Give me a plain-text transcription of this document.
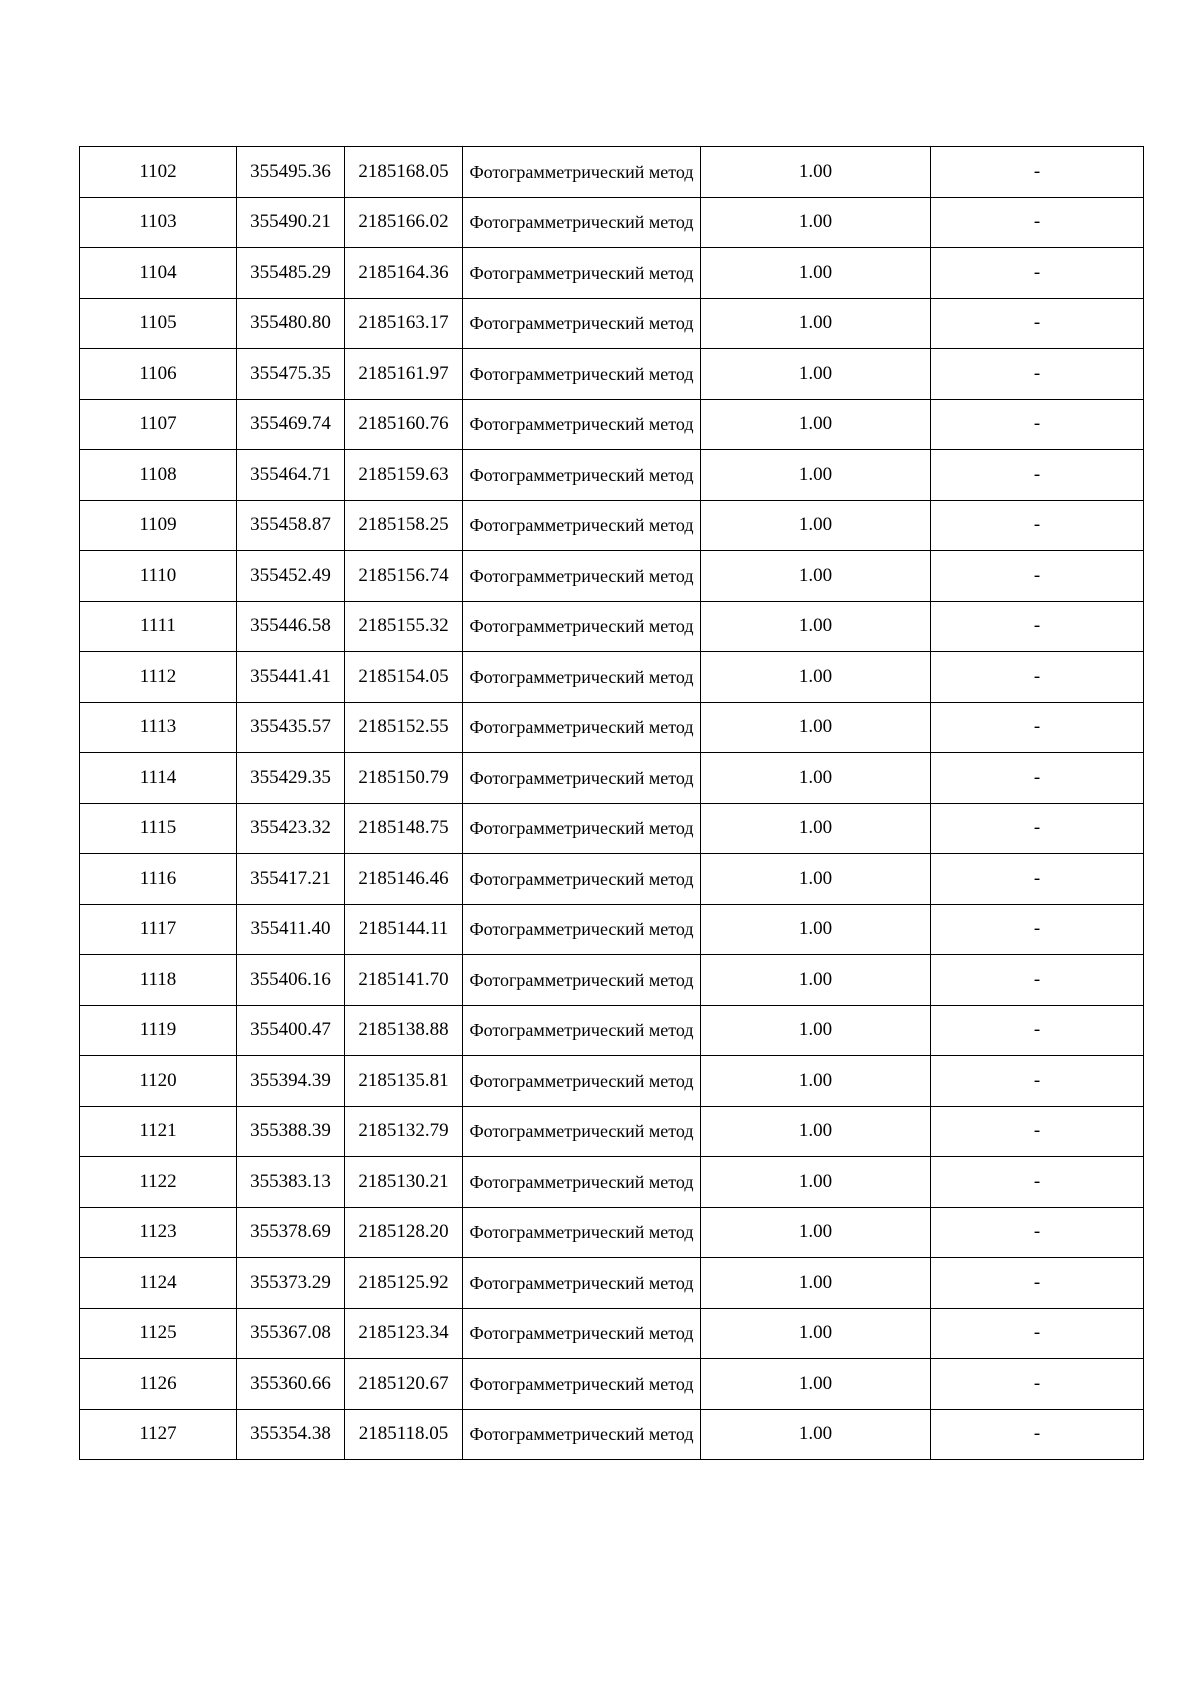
1102	355495.36	2185168.05	Фотограмметрический метод	1.00	-
1103	355490.21	2185166.02	Фотограмметрический метод	1.00	-
1104	355485.29	2185164.36	Фотограмметрический метод	1.00	-
1105	355480.80	2185163.17	Фотограмметрический метод	1.00	-
1106	355475.35	2185161.97	Фотограмметрический метод	1.00	-
1107	355469.74	2185160.76	Фотограмметрический метод	1.00	-
1108	355464.71	2185159.63	Фотограмметрический метод	1.00	-
1109	355458.87	2185158.25	Фотограмметрический метод	1.00	-
1110	355452.49	2185156.74	Фотограмметрический метод	1.00	-
1111	355446.58	2185155.32	Фотограмметрический метод	1.00	-
1112	355441.41	2185154.05	Фотограмметрический метод	1.00	-
1113	355435.57	2185152.55	Фотограмметрический метод	1.00	-
1114	355429.35	2185150.79	Фотограмметрический метод	1.00	-
1115	355423.32	2185148.75	Фотограмметрический метод	1.00	-
1116	355417.21	2185146.46	Фотограмметрический метод	1.00	-
1117	355411.40	2185144.11	Фотограмметрический метод	1.00	-
1118	355406.16	2185141.70	Фотограмметрический метод	1.00	-
1119	355400.47	2185138.88	Фотограмметрический метод	1.00	-
1120	355394.39	2185135.81	Фотограмметрический метод	1.00	-
1121	355388.39	2185132.79	Фотограмметрический метод	1.00	-
1122	355383.13	2185130.21	Фотограмметрический метод	1.00	-
1123	355378.69	2185128.20	Фотограмметрический метод	1.00	-
1124	355373.29	2185125.92	Фотограмметрический метод	1.00	-
1125	355367.08	2185123.34	Фотограмметрический метод	1.00	-
1126	355360.66	2185120.67	Фотограмметрический метод	1.00	-
1127	355354.38	2185118.05	Фотограмметрический метод	1.00	-
